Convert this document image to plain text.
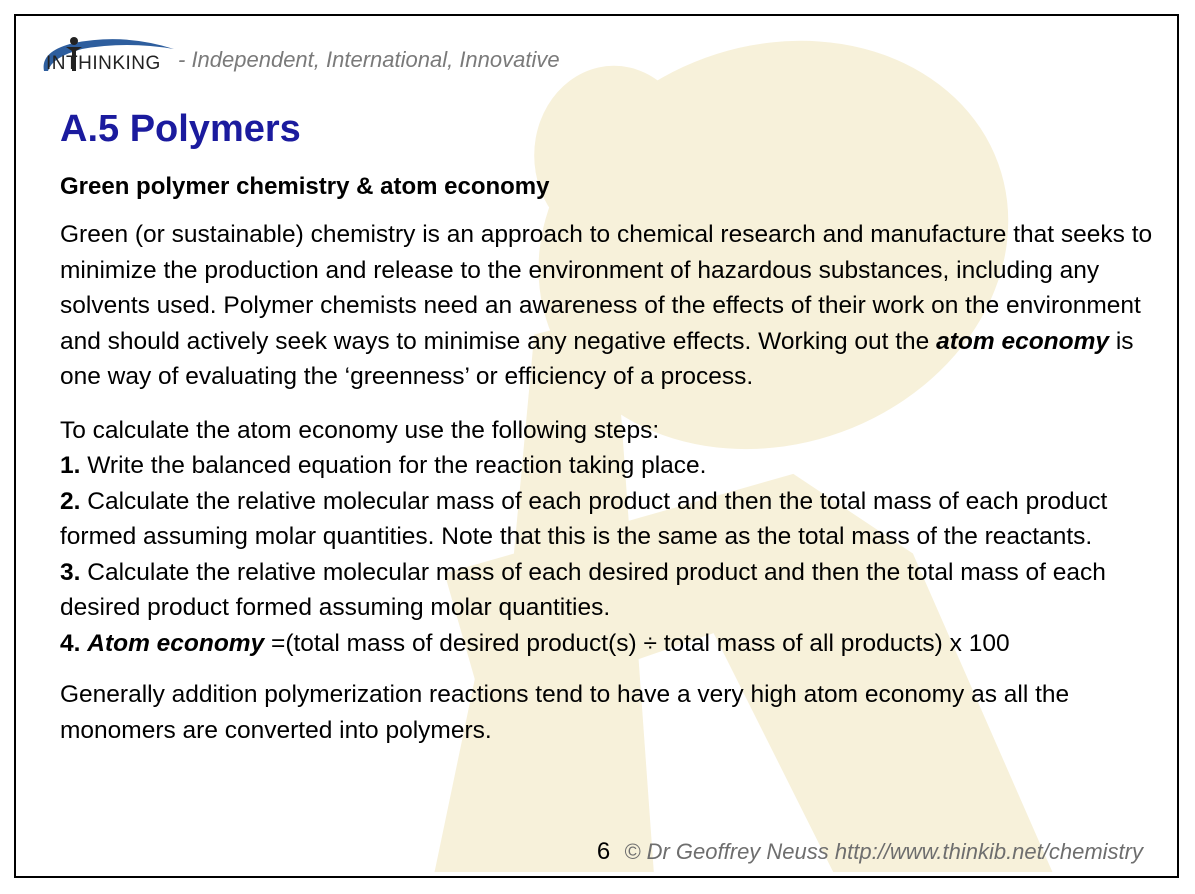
INTHINKING - Independent, International, Innovative
A.5 Polymers
Green polymer chemistry & atom economy
Green (or sustainable) chemistry is an approach to chemical research and manufacture that seeks to minimize the production and release to the environment of hazardous substances, including any solvents used. Polymer chemists need an awareness of the effects of their work on the environment and should actively seek ways to minimise any negative effects. Working out the atom economy is one way of evaluating the ‘greenness’ or efficiency of a process.
To calculate the atom economy use the following steps:
1. Write the balanced equation for the reaction taking place.
2. Calculate the relative molecular mass of each product and then the total mass of each product formed assuming molar quantities. Note that this is the same as the total mass of the reactants.
3. Calculate the relative molecular mass of each desired product and then the total mass of each desired product formed assuming molar quantities.
4. Atom economy =(total mass of desired product(s) ÷ total mass of all products) x 100
Generally addition polymerization reactions tend to have a very high atom economy as all the monomers are converted into polymers.
6 © Dr Geoffrey Neuss http://www.thinkib.net/chemistry
